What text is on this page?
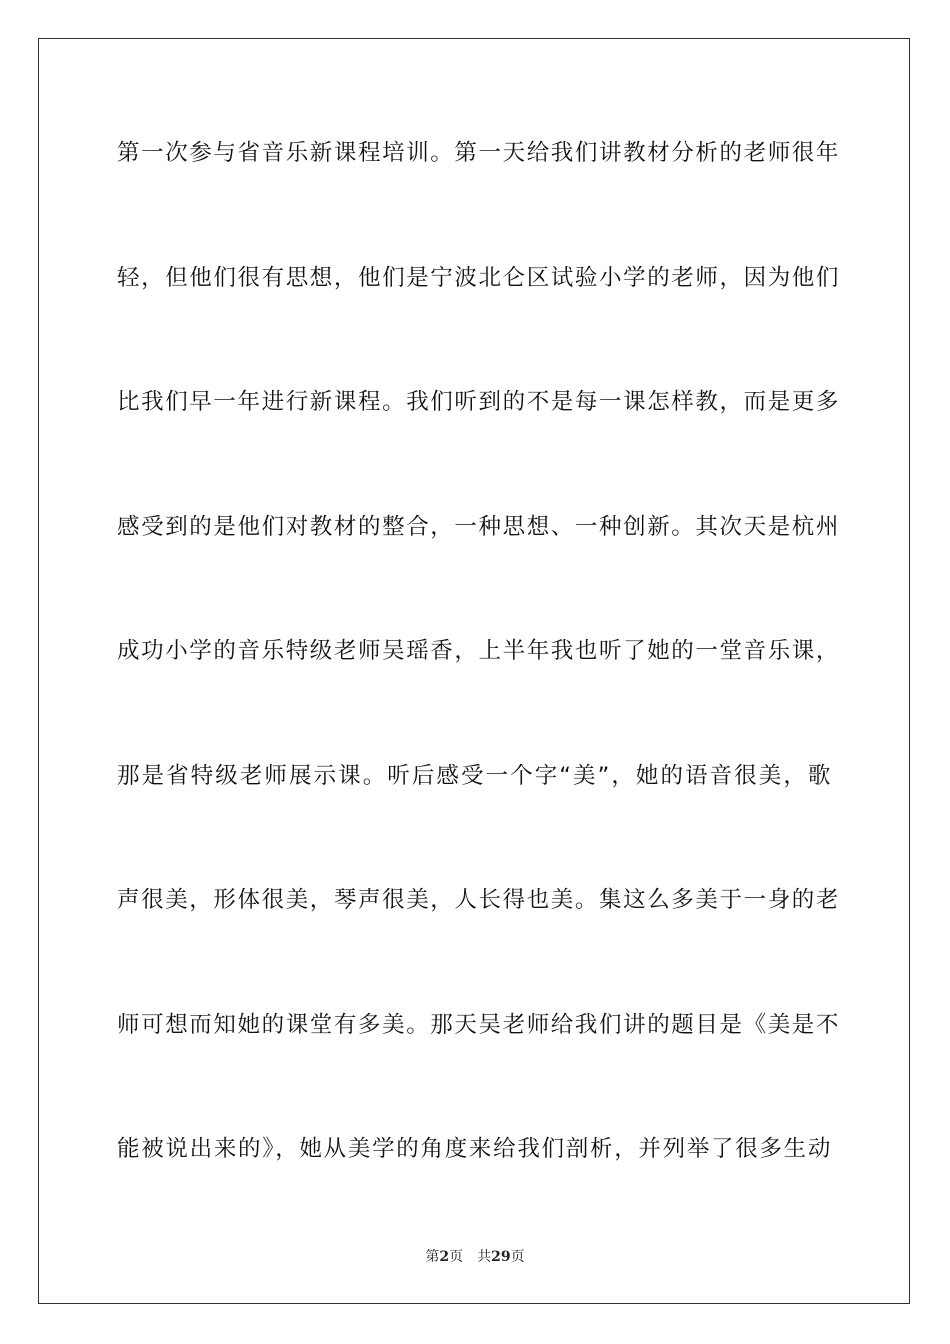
第一次参与省音乐新课程培训。第一天给我们讲教材分析的老师很年
轻，但他们很有思想，他们是宁波北仑区试验小学的老师，因为他们
比我们早一年进行新课程。我们听到的不是每一课怎样教，而是更多
感受到的是他们对教材的整合，一种思想、一种创新。其次天是杭州
成功小学的音乐特级老师吴瑶香，上半年我也听了她的一堂音乐课，
那是省特级老师展示课。听后感受一个字“美”，她的语音很美，歌
声很美，形体很美，琴声很美，人长得也美。集这么多美于一身的老
师可想而知她的课堂有多美。那天吴老师给我们讲的题目是《美是不
能被说出来的》，她从美学的角度来给我们剖析，并列举了很多生动
第2页 共29页
